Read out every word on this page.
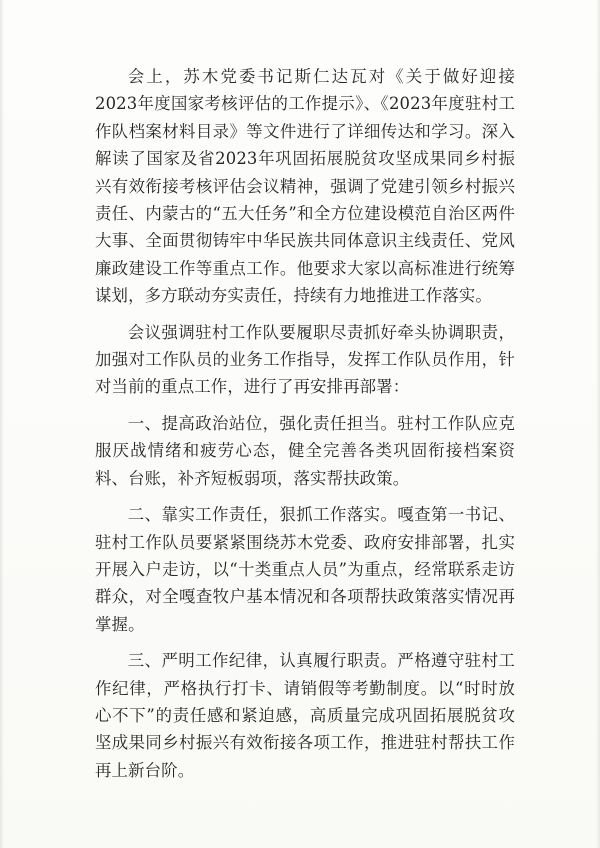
会上，苏木党委书记斯仁达瓦对《关于做好迎接2023年度国家考核评估的工作提示》、《2023年度驻村工作队档案材料目录》等文件进行了详细传达和学习。深入解读了国家及省2023年巩固拓展脱贫攻坚成果同乡村振兴有效衔接考核评估会议精神，强调了党建引领乡村振兴责任、内蒙古的“五大任务”和全方位建设模范自治区两件大事、全面贯彻铸牢中华民族共同体意识主线责任、党风廉政建设工作等重点工作。他要求大家以高标准进行统筹谋划，多方联动夯实责任，持续有力地推进工作落实。

会议强调驻村工作队要履职尽责抓好牵头协调职责，加强对工作队员的业务工作指导，发挥工作队员作用，针对当前的重点工作，进行了再安排再部署：

一、提高政治站位，强化责任担当。驻村工作队应克服厌战情绪和疲劳心态，健全完善各类巩固衔接档案资料、台账，补齐短板弱项，落实帮扶政策。

二、靠实工作责任，狠抓工作落实。嘎查第一书记、驻村工作队员要紧紧围绕苏木党委、政府安排部署，扎实开展入户走访，以“十类重点人员”为重点，经常联系走访群众，对全嘎查牧户基本情况和各项帮扶政策落实情况再掌握。

三、严明工作纪律，认真履行职责。严格遵守驻村工作纪律，严格执行打卡、请销假等考勤制度。以“时时放心不下”的责任感和紧迫感，高质量完成巩固拓展脱贫攻坚成果同乡村振兴有效衔接各项工作，推进驻村帮扶工作再上新台阶。
